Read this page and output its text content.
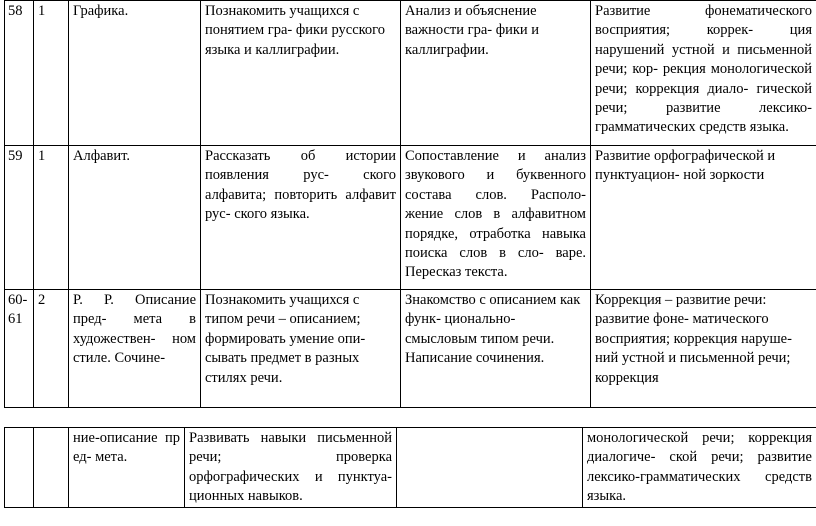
58	1	Графика.	Познакомить учащихся с понятием гра- фики русского языка и каллиграфии.	Анализ и объяснение важности гра- фики и каллиграфии.	Развитие фонематического восприятия; коррек- ция нарушений устной и письменной речи; кор- рекция монологической речи; коррекция диало- гической речи; развитие лексико-грамматических средств языка.
59	1	Алфавит.	Рассказать об истории появления рус- ского алфавита; повторить алфавит рус- ского языка.	Сопоставление и анализ звукового и буквенного состава слов. Располо- жение слов в алфавитном порядке, отработка навыка поиска слов в сло- варе. Пересказ текста.	Развитие орфографической и пунктуацион- ной зоркости
60-61	2	Р. Р. Описание пред- мета в художествен- ном стиле. Сочине-	Познакомить учащихся с типом речи – описанием; формировать умение опи- сывать предмет в разных стилях речи.	Знакомство с описанием как функ- ционально-смысловым типом речи. Написание сочинения.	Коррекция – развитие речи: развитие фоне- матического восприятия; коррекция наруше- ний устной и письменной речи; коррекция
		ние-описание пр ед- мета.	Развивать навыки письменной речи; проверка орфографических и пунктуа- ционных навыков.		монологической речи; коррекция диалогиче- ской речи; развитие лексико-грамматических средств языка.
